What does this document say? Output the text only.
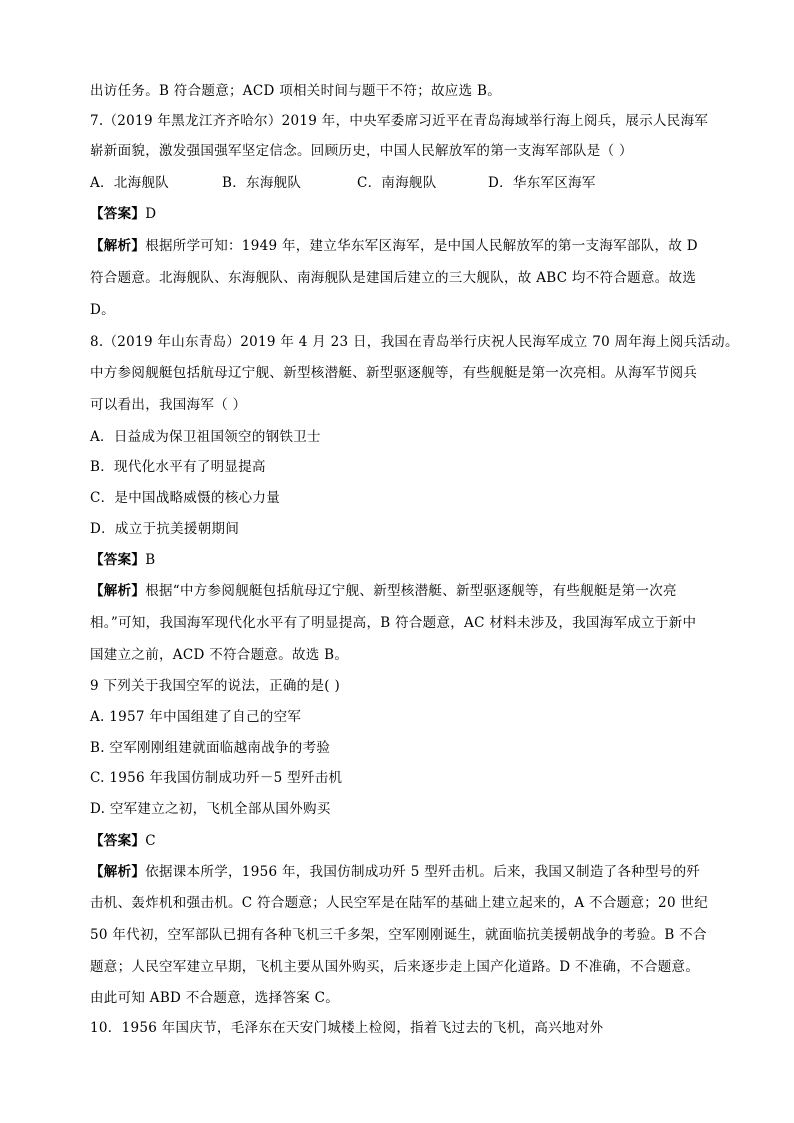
出访任务。B 符合题意；ACD 项相关时间与题干不符；故应选 B。
7.（2019 年黑龙江齐齐哈尔）2019 年，中央军委席习近平在青岛海域举行海上阅兵，展示人民海军
崭新面貌，激发强国强军坚定信念。回顾历史，中国人民解放军的第一支海军部队是（ ）
A．北海舰队	B．东海舰队	C．南海舰队	D．华东军区海军
【答案】D
【解析】根据所学可知：1949 年，建立华东军区海军，是中国人民解放军的第一支海军部队，故 D
符合题意。北海舰队、东海舰队、南海舰队是建国后建立的三大舰队，故 ABC 均不符合题意。故选
D。
8.（2019 年山东青岛）2019 年 4 月 23 日，我国在青岛举行庆祝人民海军成立 70 周年海上阅兵活动。
中方参阅舰艇包括航母辽宁舰、新型核潜艇、新型驱逐舰等，有些舰艇是第一次亮相。从海军节阅兵
可以看出，我国海军（ ）
A．日益成为保卫祖国领空的钢铁卫士
B．现代化水平有了明显提高
C．是中国战略威慑的核心力量
D．成立于抗美援朝期间
【答案】B
【解析】根据“中方参阅舰艇包括航母辽宁舰、新型核潜艇、新型驱逐舰等，有些舰艇是第一次亮
相。”可知，我国海军现代化水平有了明显提高，B 符合题意，AC 材料未涉及，我国海军成立于新中
国建立之前，ACD 不符合题意。故选 B。
9 下列关于我国空军的说法，正确的是( )
A. 1957 年中国组建了自己的空军
B. 空军刚刚组建就面临越南战争的考验
C. 1956 年我国仿制成功歼－5 型歼击机
D. 空军建立之初，飞机全部从国外购买
【答案】C
【解析】依据课本所学，1956 年，我国仿制成功歼 5 型歼击机。后来，我国又制造了各种型号的歼
击机、轰炸机和强击机。C 符合题意；人民空军是在陆军的基础上建立起来的，A 不合题意；20 世纪
50 年代初，空军部队已拥有各种飞机三千多架，空军刚刚诞生，就面临抗美援朝战争的考验。B 不合
题意；人民空军建立早期，飞机主要从国外购买，后来逐步走上国产化道路。D 不准确，不合题意。
由此可知 ABD 不合题意，选择答案 C。
10．1956 年国庆节，毛泽东在天安门城楼上检阅，指着飞过去的飞机，高兴地对外
